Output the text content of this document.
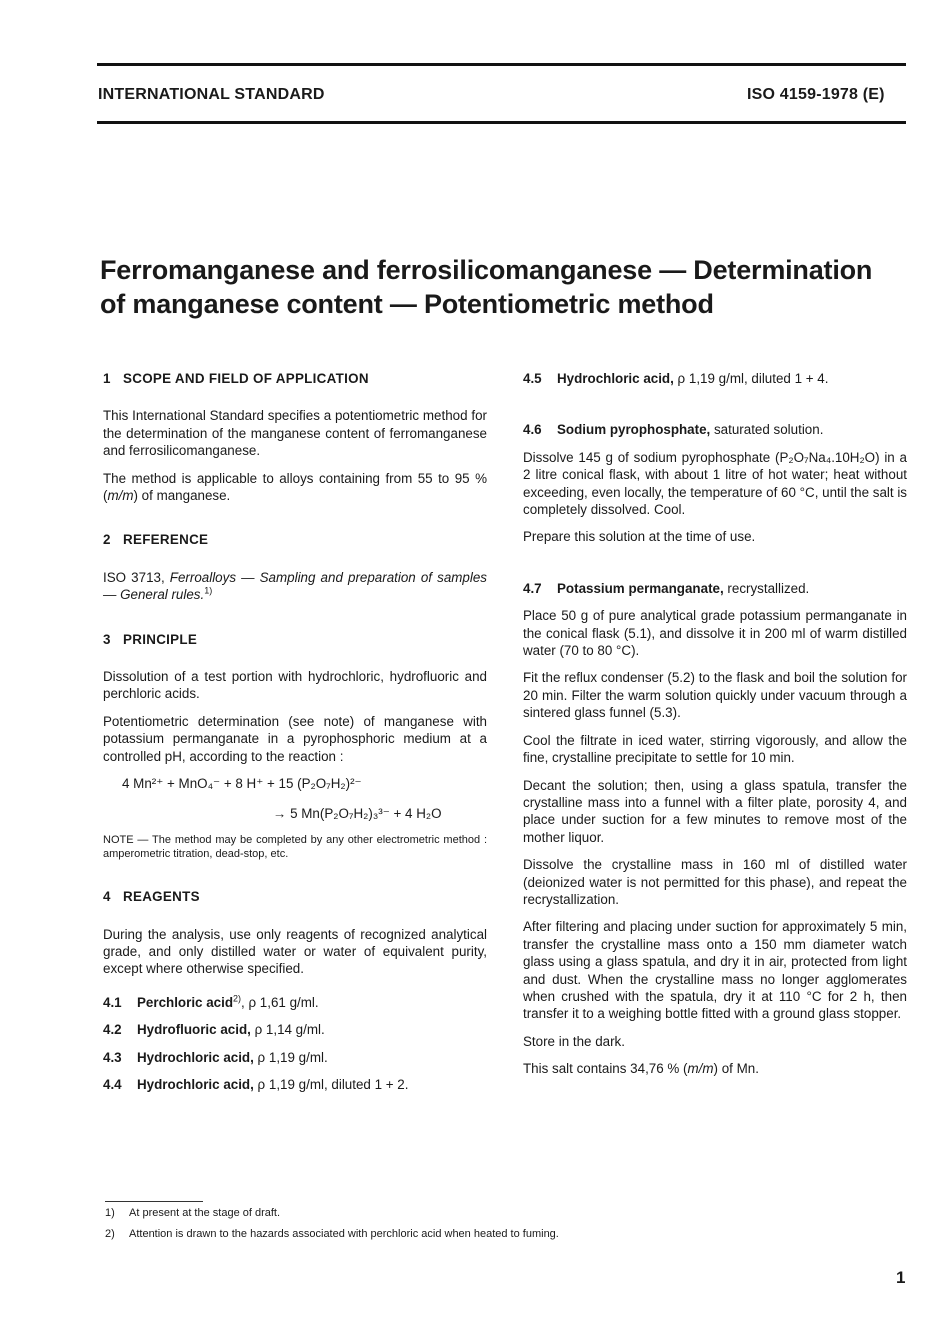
INTERNATIONAL STANDARD	ISO 4159-1978 (E)
Ferromanganese and ferrosilicomanganese — Determination
of manganese content — Potentiometric method
1 SCOPE AND FIELD OF APPLICATION

This International Standard specifies a potentiometric method for the determination of the manganese content of ferromanganese and ferrosilicomanganese.

The method is applicable to alloys containing from 55 to 95 % (m/m) of manganese.

2 REFERENCE

ISO 3713, Ferroalloys — Sampling and preparation of samples — General rules.$^{1)}$

3 PRINCIPLE

Dissolution of a test portion with hydrochloric, hydrofluoric and perchloric acids.

Potentiometric determination (see note) of manganese with potassium permanganate in a pyrophosphoric medium at a controlled pH, according to the reaction :

4 Mn²⁺ + MnO₄⁻ + 8 H⁺ + 15 (P₂O₇H₂)²⁻
→ 5 Mn(P₂O₇H₂)₃³⁻ + 4 H₂O

NOTE — The method may be completed by any other electrometric method : amperometric titration, dead-stop, etc.

4 REAGENTS

During the analysis, use only reagents of recognized analytical grade, and only distilled water or water of equivalent purity, except where otherwise specified.

4.1 Perchloric acid$^{2)}$, ρ 1,61 g/ml.

4.2 Hydrofluoric acid, ρ 1,14 g/ml.

4.3 Hydrochloric acid, ρ 1,19 g/ml.

4.4 Hydrochloric acid, ρ 1,19 g/ml, diluted 1 + 2.

4.5 Hydrochloric acid, ρ 1,19 g/ml, diluted 1 + 4.

4.6 Sodium pyrophosphate, saturated solution.

Dissolve 145 g of sodium pyrophosphate (P₂O₇Na₄.10H₂O) in a 2 litre conical flask, with about 1 litre of hot water; heat without exceeding, even locally, the temperature of 60 °C, until the salt is completely dissolved. Cool.

Prepare this solution at the time of use.

4.7 Potassium permanganate, recrystallized.

Place 50 g of pure analytical grade potassium permanganate in the conical flask (5.1), and dissolve it in 200 ml of warm distilled water (70 to 80 °C).

Fit the reflux condenser (5.2) to the flask and boil the solution for 20 min. Filter the warm solution quickly under vacuum through a sintered glass funnel (5.3).

Cool the filtrate in iced water, stirring vigorously, and allow the fine, crystalline precipitate to settle for 10 min.

Decant the solution; then, using a glass spatula, transfer the crystalline mass into a funnel with a filter plate, porosity 4, and place under suction for a few minutes to remove most of the mother liquor.

Dissolve the crystalline mass in 160 ml of distilled water (deionized water is not permitted for this phase), and repeat the recrystallization.

After filtering and placing under suction for approximately 5 min, transfer the crystalline mass onto a 150 mm diameter watch glass using a glass spatula, and dry it in air, protected from light and dust. When the crystalline mass no longer agglomerates when crushed with the spatula, dry it at 110 °C for 2 h, then transfer it to a weighing bottle fitted with a ground glass stopper.

Store in the dark.

This salt contains 34,76 % (m/m) of Mn.

1) At present at the stage of draft.
2) Attention is drawn to the hazards associated with perchloric acid when heated to fuming.
1
